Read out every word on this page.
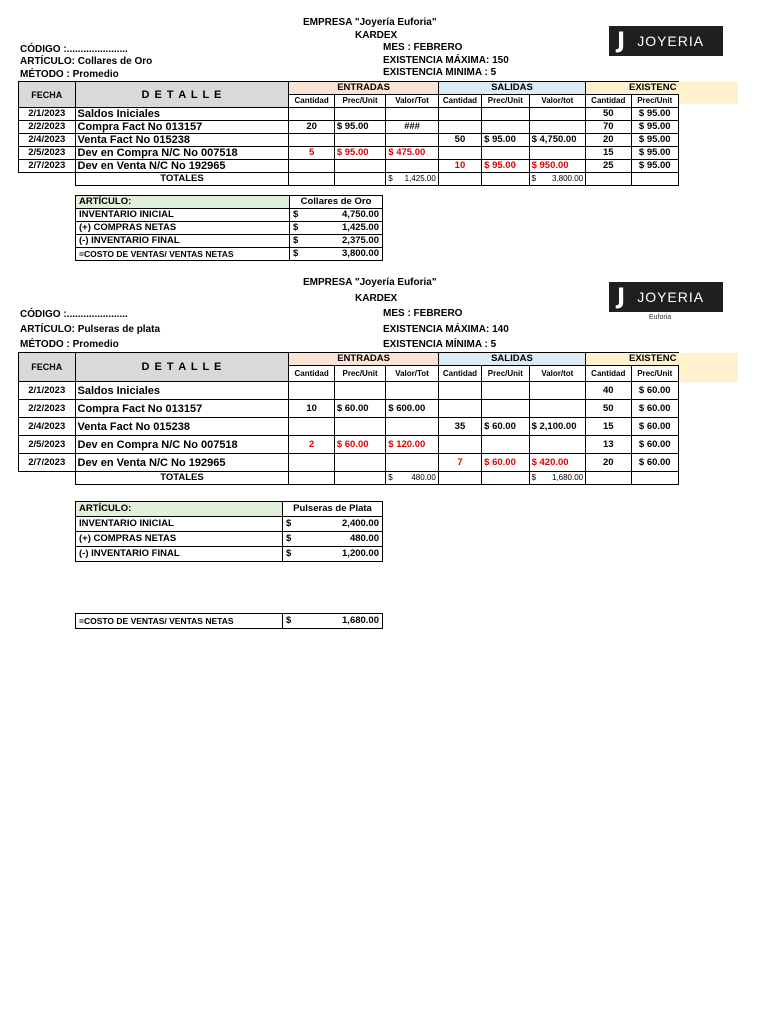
EMPRESA "Joyería Euforia"
KARDEX
CÓDIGO :......................
ARTÍCULO: Collares de Oro
MÉTODO : Promedio
MES : FEBRERO
EXISTENCIA MÁXIMA: 150
EXISTENCIA MINIMA : 5
J JOYERIA
FECHA	D E T A L L E	ENTRADAS			SALIDAS			EXISTENC	
		Cantidad	Prec/Unit	Valor/Tot	Cantidad	Prec/Unit	Valor/tot	Cantidad	Prec/Unit
2/1/2023	Saldos Iniciales							50	$ 95.00
2/2/2023	Compra Fact No 013157	20	$ 95.00	###				70	$ 95.00
2/4/2023	Venta Fact No 015238				50	$ 95.00	$ 4,750.00	20	$ 95.00
2/5/2023	Dev en Compra N/C No 007518	5	$ 95.00	$ 475.00				15	$ 95.00
2/7/2023	Dev en Venta N/C No 192965				10	$ 95.00	$ 950.00	25	$ 95.00
	TOTALES			$ 1,425.00			$ 3,800.00		

ARTÍCULO:	Collares de Oro	
INVENTARIO INICIAL	$	4,750.00
(+) COMPRAS NETAS	$	1,425.00
(-) INVENTARIO FINAL	$	2,375.00
=COSTO DE VENTAS/ VENTAS NETAS	$	3,800.00
EMPRESA "Joyería Euforia"
KARDEX
CÓDIGO :......................
ARTÍCULO: Pulseras de plata
MÉTODO : Promedio
MES : FEBRERO
EXISTENCIA MÁXIMA: 140
EXISTENCIA MÍNIMA : 5
J JOYERIA
Euforia
FECHA	D E T A L L E	ENTRADAS			SALIDAS			EXISTENC	
		Cantidad	Prec/Unit	Valor/Tot	Cantidad	Prec/Unit	Valor/tot	Cantidad	Prec/Unit
2/1/2023	Saldos Iniciales							40	$ 60.00
2/2/2023	Compra Fact No 013157	10	$ 60.00	$ 600.00				50	$ 60.00
2/4/2023	Venta Fact No 015238				35	$ 60.00	$ 2,100.00	15	$ 60.00
2/5/2023	Dev en Compra N/C No 007518	2	$ 60.00	$ 120.00				13	$ 60.00
2/7/2023	Dev en Venta N/C No 192965				7	$ 60.00	$ 420.00	20	$ 60.00
	TOTALES			$ 480.00			$ 1,680.00		

ARTÍCULO:	Pulseras de Plata	
INVENTARIO INICIAL	$	2,400.00
(+) COMPRAS NETAS	$	480.00
(-) INVENTARIO FINAL	$	1,200.00
=COSTO DE VENTAS/ VENTAS NETAS	$	1,680.00
